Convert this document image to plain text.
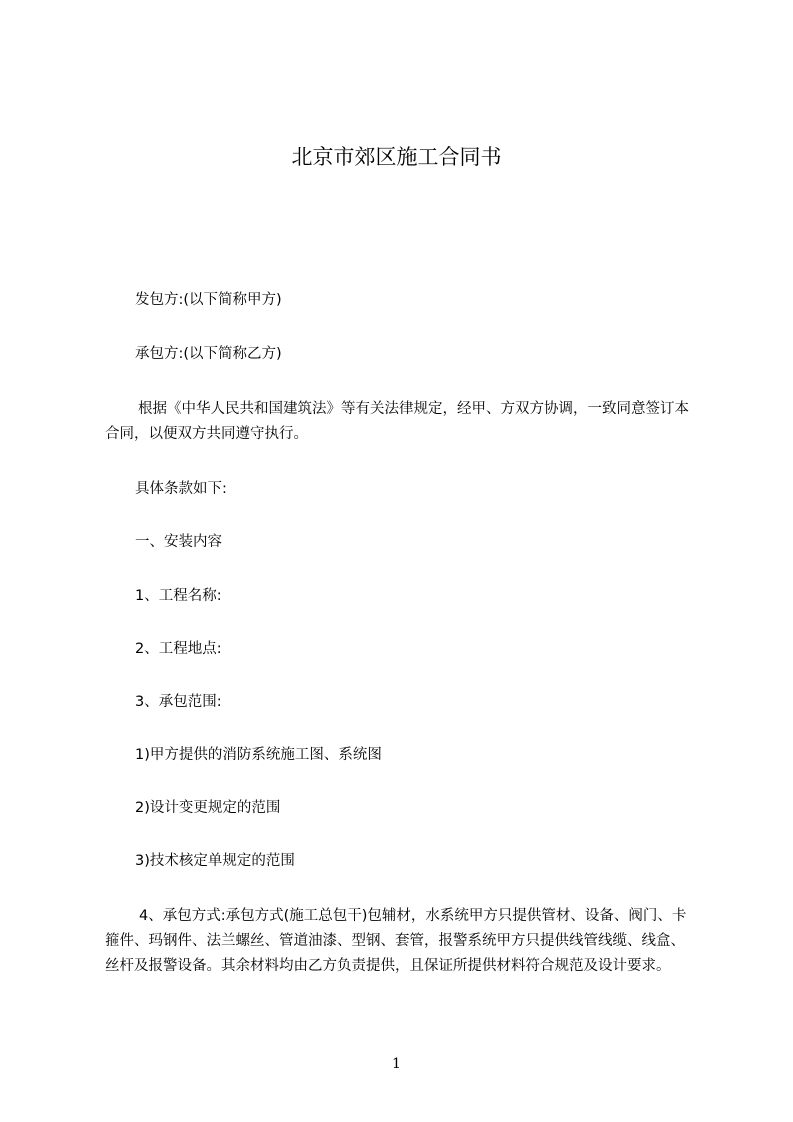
北京市郊区施工合同书

发包方:(以下简称甲方)

承包方:(以下简称乙方)

根据《中华人民共和国建筑法》等有关法律规定，经甲、方双方协调，一致同意签订本合同，以便双方共同遵守执行。

具体条款如下:

一、安装内容

1、工程名称:

2、工程地点:

3、承包范围:

1)甲方提供的消防系统施工图、系统图

2)设计变更规定的范围

3)技术核定单规定的范围

4、承包方式:承包方式(施工总包干)包辅材，水系统甲方只提供管材、设备、阀门、卡箍件、玛钢件、法兰螺丝、管道油漆、型钢、套管，报警系统甲方只提供线管线缆、线盒、丝杆及报警设备。其余材料均由乙方负责提供，且保证所提供材料符合规范及设计要求。

1
